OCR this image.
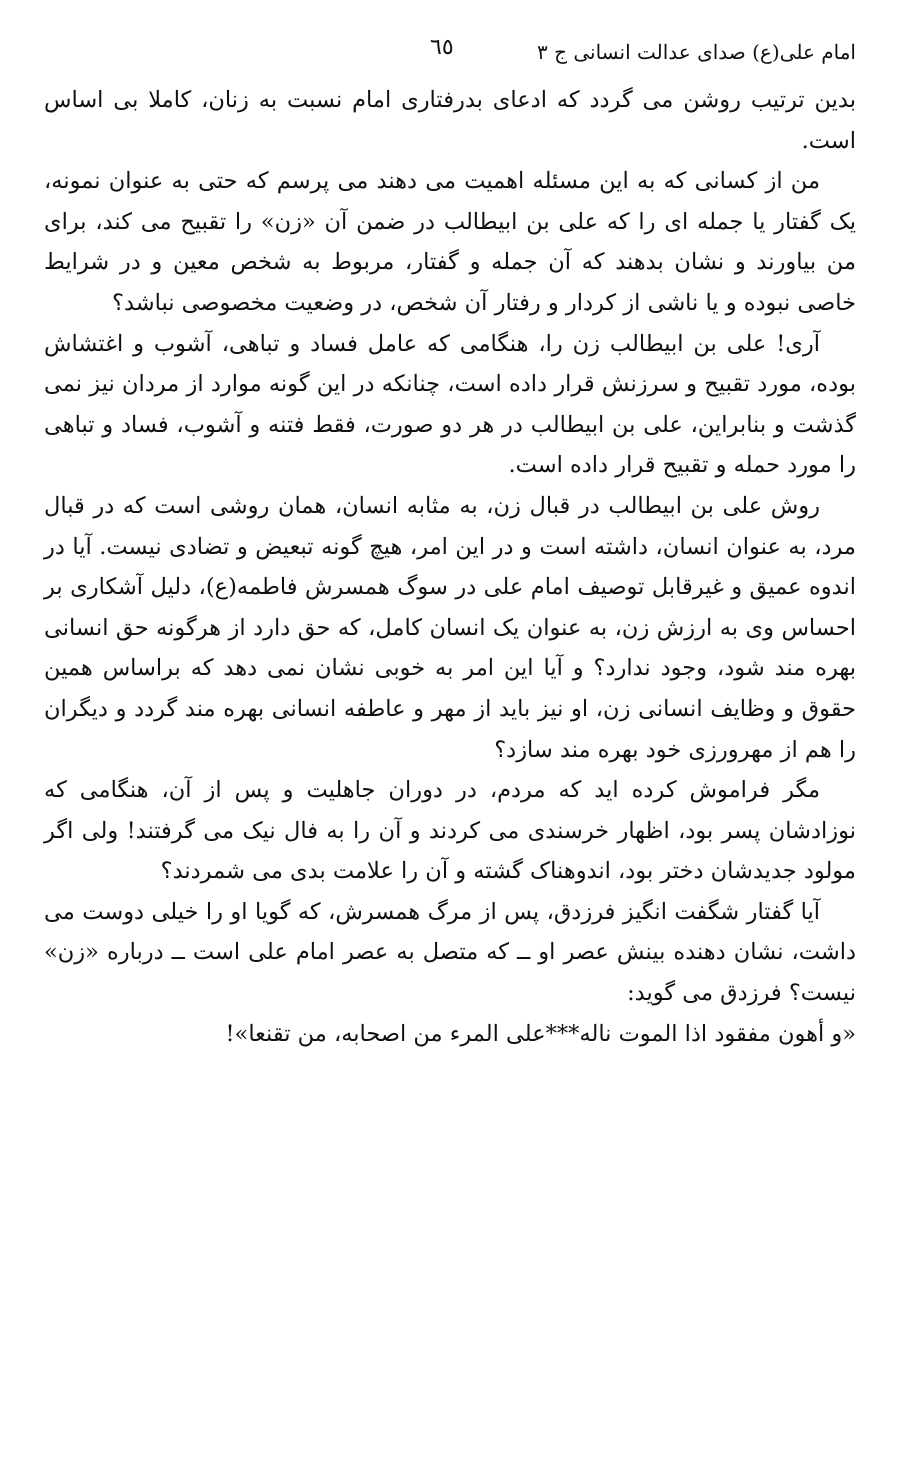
امام علی(ع) صدای عدالت انسانی ج ۳
٦٥

بدین ترتیب روشن می گردد که ادعای بدرفتاری امام نسبت به زنان، کاملا بی اساس است.

من از کسانی که به این مسئله اهمیت می دهند می پرسم که حتی به عنوان نمونه، یک گفتار یا جمله ای را که علی بن ابیطالب در ضمن آن «زن» را تقبیح می کند، برای من بیاورند و نشان بدهند که آن جمله و گفتار، مربوط به شخص معین و در شرایط خاصی نبوده و یا ناشی از کردار و رفتار آن شخص، در وضعیت مخصوصی نباشد؟

آری! علی بن ابیطالب زن را، هنگامی که عامل فساد و تباهی، آشوب و اغتشاش بوده، مورد تقبیح و سرزنش قرار داده است، چنانکه در این گونه موارد از مردان نیز نمی گذشت و بنابراین، علی بن ابیطالب در هر دو صورت، فقط فتنه و آشوب، فساد و تباهی را مورد حمله و تقبیح قرار داده است.

روش علی بن ابیطالب در قبال زن، به مثابه انسان، همان روشی است که در قبال مرد، به عنوان انسان، داشته است و در این امر، هیچ گونه تبعیض و تضادی نیست. آیا در اندوه عمیق و غیرقابل توصیف امام علی در سوگ همسرش فاطمه(ع)، دلیل آشکاری بر احساس وی به ارزش زن، به عنوان یک انسان کامل، که حق دارد از هرگونه حق انسانی بهره مند شود، وجود ندارد؟ و آیا این امر به خوبی نشان نمی دهد که براساس همین حقوق و وظایف انسانی زن، او نیز باید از مهر و عاطفه انسانی بهره مند گردد و دیگران را هم از مهرورزی خود بهره مند سازد؟

مگر فراموش کرده اید که مردم، در دوران جاهلیت و پس از آن، هنگامی که نوزادشان پسر بود، اظهار خرسندی می کردند و آن را به فال نیک می گرفتند! ولی اگر مولود جدیدشان دختر بود، اندوهناک گشته و آن را علامت بدی می شمردند؟

آیا گفتار شگفت انگیز فرزدق، پس از مرگ همسرش، که گویا او را خیلی دوست می داشت، نشان دهنده بینش عصر او ــ که متصل به عصر امام علی است ــ درباره «زن» نیست؟ فرزدق می گوید:

«و أهون مفقود اذا الموت ناله***علی المرء من اصحابه، من تقنعا»!
